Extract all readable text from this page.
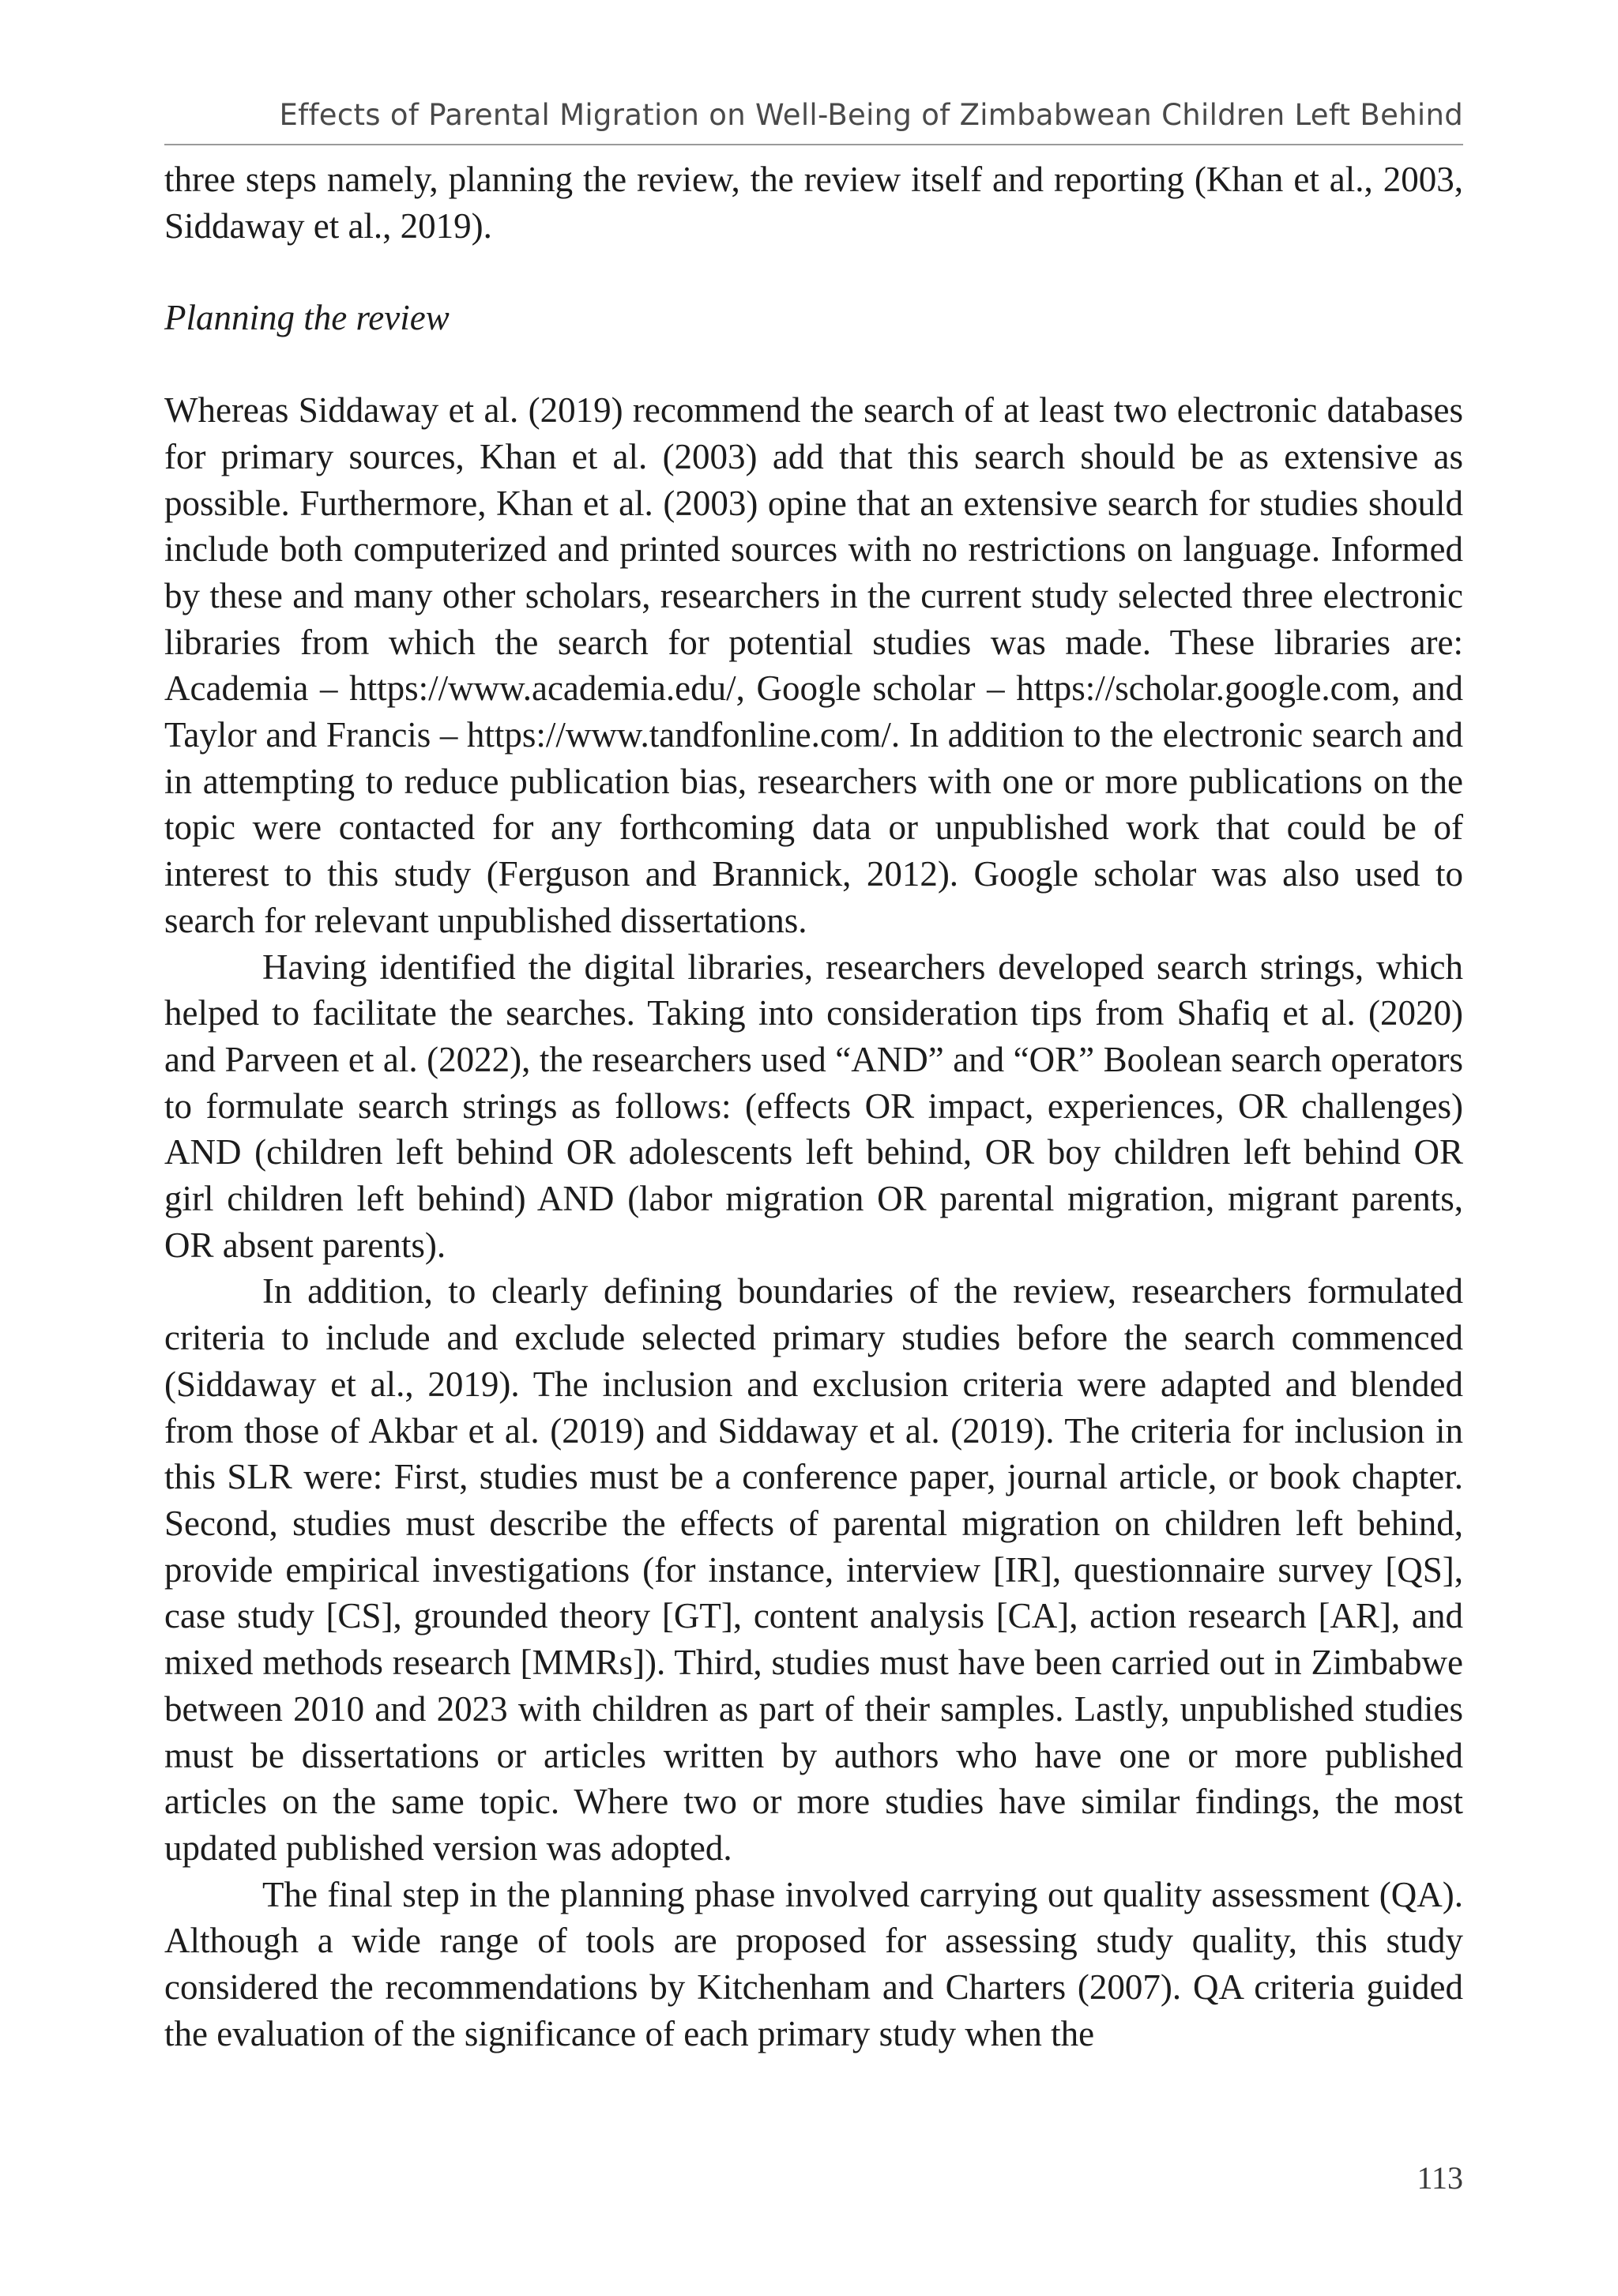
Effects of Parental Migration on Well-Being of Zimbabwean Children Left Behind

three steps namely, planning the review, the review itself and reporting (Khan et al., 2003, Siddaway et al., 2019).

Planning the review

Whereas Siddaway et al. (2019) recommend the search of at least two electronic databases for primary sources, Khan et al. (2003) add that this search should be as extensive as possible. Furthermore, Khan et al. (2003) opine that an extensive search for studies should include both computerized and printed sources with no restrictions on language. Informed by these and many other scholars, researchers in the current study selected three electronic libraries from which the search for potential studies was made. These libraries are: Academia – https://www.academia.edu/, Google scholar – https://scholar.google.com, and Taylor and Francis – https://www.tandfonline.com/. In addition to the electronic search and in attempting to reduce publication bias, researchers with one or more publications on the topic were contacted for any forthcoming data or unpublished work that could be of interest to this study (Ferguson and Brannick, 2012). Google scholar was also used to search for relevant unpublished dissertations.

Having identified the digital libraries, researchers developed search strings, which helped to facilitate the searches. Taking into consideration tips from Shafiq et al. (2020) and Parveen et al. (2022), the researchers used “AND” and “OR” Boolean search operators to formulate search strings as follows: (effects OR impact, experiences, OR challenges) AND (children left behind OR adolescents left behind, OR boy children left behind OR girl children left behind) AND (labor migration OR parental migration, migrant parents, OR absent parents).

In addition, to clearly defining boundaries of the review, researchers formulated criteria to include and exclude selected primary studies before the search commenced (Siddaway et al., 2019). The inclusion and exclusion criteria were adapted and blended from those of Akbar et al. (2019) and Siddaway et al. (2019). The criteria for inclusion in this SLR were: First, studies must be a conference paper, journal article, or book chapter. Second, studies must describe the effects of parental migration on children left behind, provide empirical investigations (for instance, interview [IR], questionnaire survey [QS], case study [CS], grounded theory [GT], content analysis [CA], action research [AR], and mixed methods research [MMRs]). Third, studies must have been carried out in Zimbabwe between 2010 and 2023 with children as part of their samples. Lastly, unpublished studies must be dissertations or articles written by authors who have one or more published articles on the same topic. Where two or more studies have similar findings, the most updated published version was adopted.

The final step in the planning phase involved carrying out quality assessment (QA). Although a wide range of tools are proposed for assessing study quality, this study considered the recommendations by Kitchenham and Charters (2007). QA criteria guided the evaluation of the significance of each primary study when the

113
